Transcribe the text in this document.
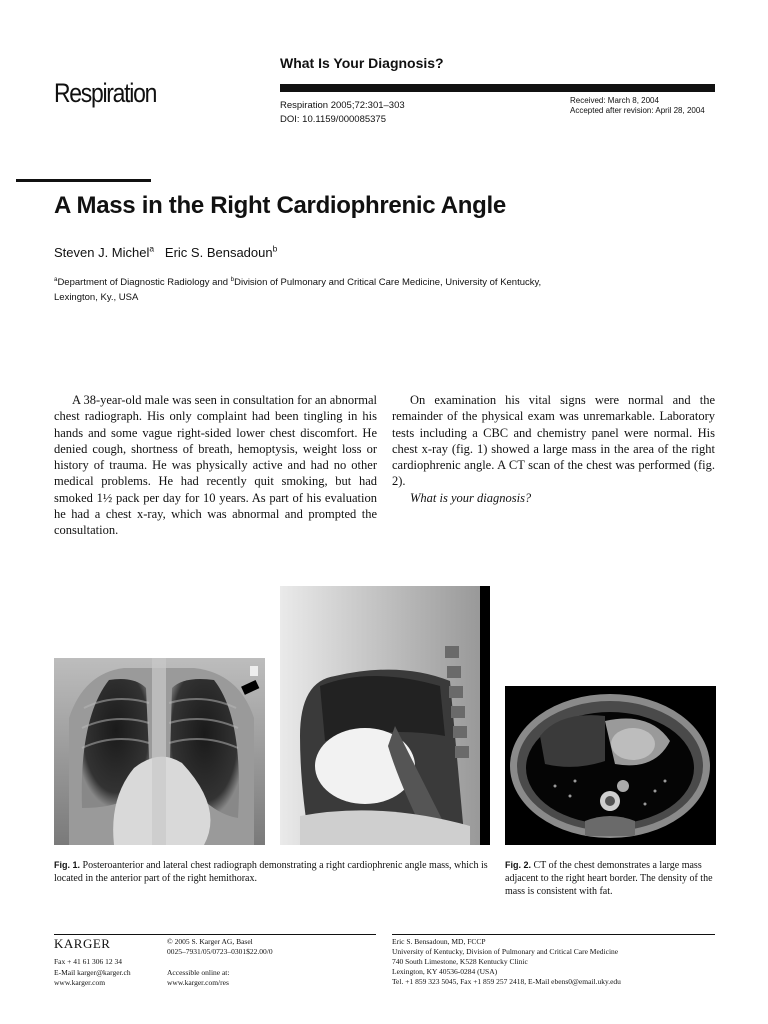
What Is Your Diagnosis?
Respiration	Respiration 2005;72:301–303
DOI: 10.1159/000085375
Received: March 8, 2004
Accepted after revision: April 28, 2004
A Mass in the Right Cardiophrenic Angle
Steven J. Michel$^a$ Eric S. Bensadoun$^b$
$^a$Department of Diagnostic Radiology and $^b$Division of Pulmonary and Critical Care Medicine, University of Kentucky, Lexington, Ky., USA

A 38-year-old male was seen in consultation for an abnormal chest radiograph. His only complaint had been tingling in his hands and some vague right-sided lower chest discomfort. He denied cough, shortness of breath, hemoptysis, weight loss or history of trauma. He was physically active and had no other medical problems. He had recently quit smoking, but had smoked 1½ pack per day for 10 years. As part of his evaluation he had a chest x-ray, which was abnormal and prompted the consultation.

On examination his vital signs were normal and the remainder of the physical exam was unremarkable. Laboratory tests including a CBC and chemistry panel were normal. His chest x-ray (fig. 1) showed a large mass in the area of the right cardiophrenic angle. A CT scan of the chest was performed (fig. 2).

What is your diagnosis?

Fig. 1. Posteroanterior and lateral chest radiograph demonstrating a right cardiophrenic angle mass, which is located in the anterior part of the right hemithorax.
Fig. 2. CT of the chest demonstrates a large mass adjacent to the right heart border. The density of the mass is consistent with fat.
KARGER
Fax + 41 61 306 12 34
E-Mail karger@karger.ch
www.karger.com
© 2005 S. Karger AG, Basel
0025–7931/05/0723–0301$22.00/0
Accessible online at:
www.karger.com/res
Eric S. Bensadoun, MD, FCCP
University of Kentucky, Division of Pulmonary and Critical Care Medicine
740 South Limestone, K528 Kentucky Clinic
Lexington, KY 40536-0284 (USA)
Tel. +1 859 323 5045, Fax +1 859 257 2418, E-Mail ebens0@email.uky.edu
